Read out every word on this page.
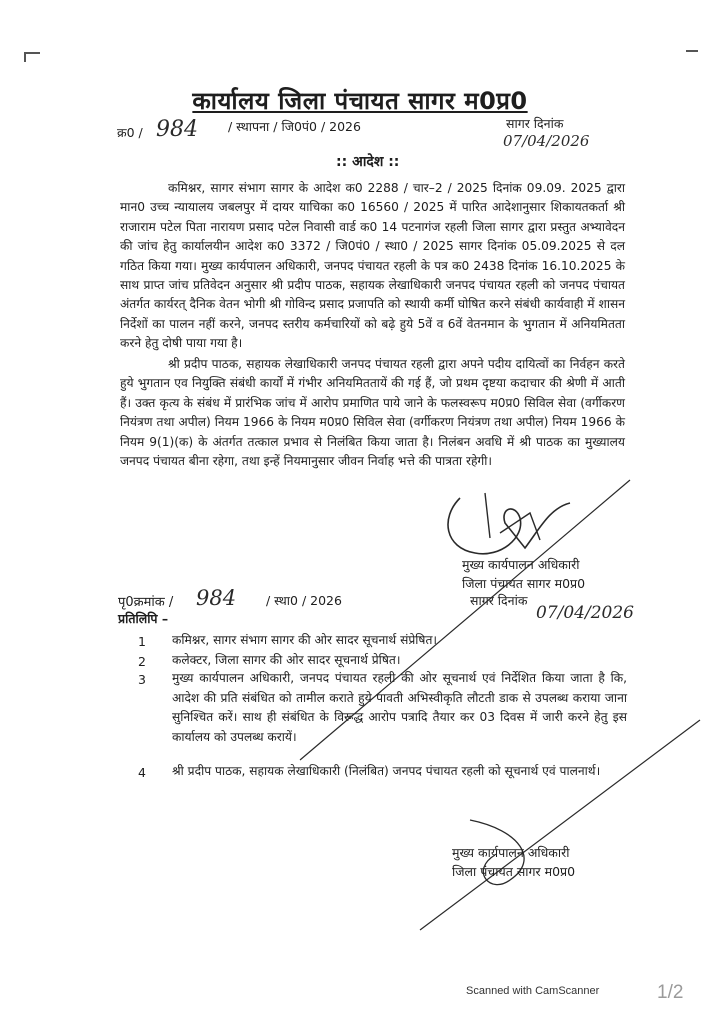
कार्यालय जिला पंचायत सागर म0प्र0
क्र0 / 984 / स्थापना / जि0पं0 / 2026	सागर दिनांक
07/04/2026
:: आदेश ::

कमिश्नर, सागर संभाग सागर के आदेश क0 2288 / चार–2 / 2025 दिनांक 09.09. 2025 द्वारा मान0 उच्च न्यायालय जबलपुर में दायर याचिका क0 16560 / 2025 में पारित आदेशानुसार शिकायतकर्ता श्री राजाराम पटेल पिता नारायण प्रसाद पटेल निवासी वार्ड क0 14 पटनागंज रहली जिला सागर द्वारा प्रस्तुत अभ्यावेदन की जांच हेतु कार्यालयीन आदेश क0 3372 / जि0पं0 / स्था0 / 2025 सागर दिनांक 05.09.2025 से दल गठित किया गया। मुख्य कार्यपालन अधिकारी, जनपद पंचायत रहली के पत्र क0 2438 दिनांक 16.10.2025 के साथ प्राप्त जांच प्रतिवेदन अनुसार श्री प्रदीप पाठक, सहायक लेखाधिकारी जनपद पंचायत रहली को जनपद पंचायत अंतर्गत कार्यरत् दैनिक वेतन भोगी श्री गोविन्द प्रसाद प्रजापति को स्थायी कर्मी घोषित करने संबंधी कार्यवाही में शासन निर्देशों का पालन नहीं करने, जनपद स्तरीय कर्मचारियों को बढ़े हुये 5वें व 6वें वेतनमान के भुगतान में अनियमितता करने हेतु दोषी पाया गया है।

श्री प्रदीप पाठक, सहायक लेखाधिकारी जनपद पंचायत रहली द्वारा अपने पदीय दायित्वों का निर्वहन करते हुये भुगतान एव नियुक्ति संबंधी कार्यों में गंभीर अनियमिततायें की गई हैं, जो प्रथम दृष्टया कदाचार की श्रेणी में आती हैं। उक्त कृत्य के संबंध में प्रारंभिक जांच में आरोप प्रमाणित पाये जाने के फलस्वरूप म0प्र0 सिविल सेवा (वर्गीकरण नियंत्रण तथा अपील) नियम 1966 के नियम म0प्र0 सिविल सेवा (वर्गीकरण नियंत्रण तथा अपील) नियम 1966 के नियम 9(1)(क) के अंतर्गत तत्काल प्रभाव से निलंबित किया जाता है। निलंबन अवधि में श्री पाठक का मुख्यालय जनपद पंचायत बीना रहेगा, तथा इन्हें नियमानुसार जीवन निर्वाह भत्ते की पात्रता रहेगी।

मुख्य कार्यपालन अधिकारी
जिला पंचायत सागर म0प्र0
पृ0क्रमांक / 984 / स्था0 / 2026	सागर दिनांक
07/04/2026
प्रतिलिपि –
1 कमिश्नर, सागर संभाग सागर की ओर सादर सूचनार्थ संप्रेषित।

2 कलेक्टर, जिला सागर की ओर सादर सूचनार्थ प्रेषित।

3 मुख्य कार्यपालन अधिकारी, जनपद पंचायत रहली की ओर सूचनार्थ एवं निर्देशित किया जाता है कि, आदेश की प्रति संबंधित को तामील कराते हुये पावती अभिस्वीकृति लौटती डाक से उपलब्ध कराया जाना सुनिश्चित करें। साथ ही संबंधित के विरूद्ध आरोप पत्रादि तैयार कर 03 दिवस में जारी करने हेतु इस कार्यालय को उपलब्ध करायें।

4 श्री प्रदीप पाठक, सहायक लेखाधिकारी (निलंबित) जनपद पंचायत रहली को सूचनार्थ एवं पालनार्थ।

मुख्य कार्यपालन अधिकारी
जिला पंचायत सागर म0प्र0
Scanned with CamScanner	1/2
